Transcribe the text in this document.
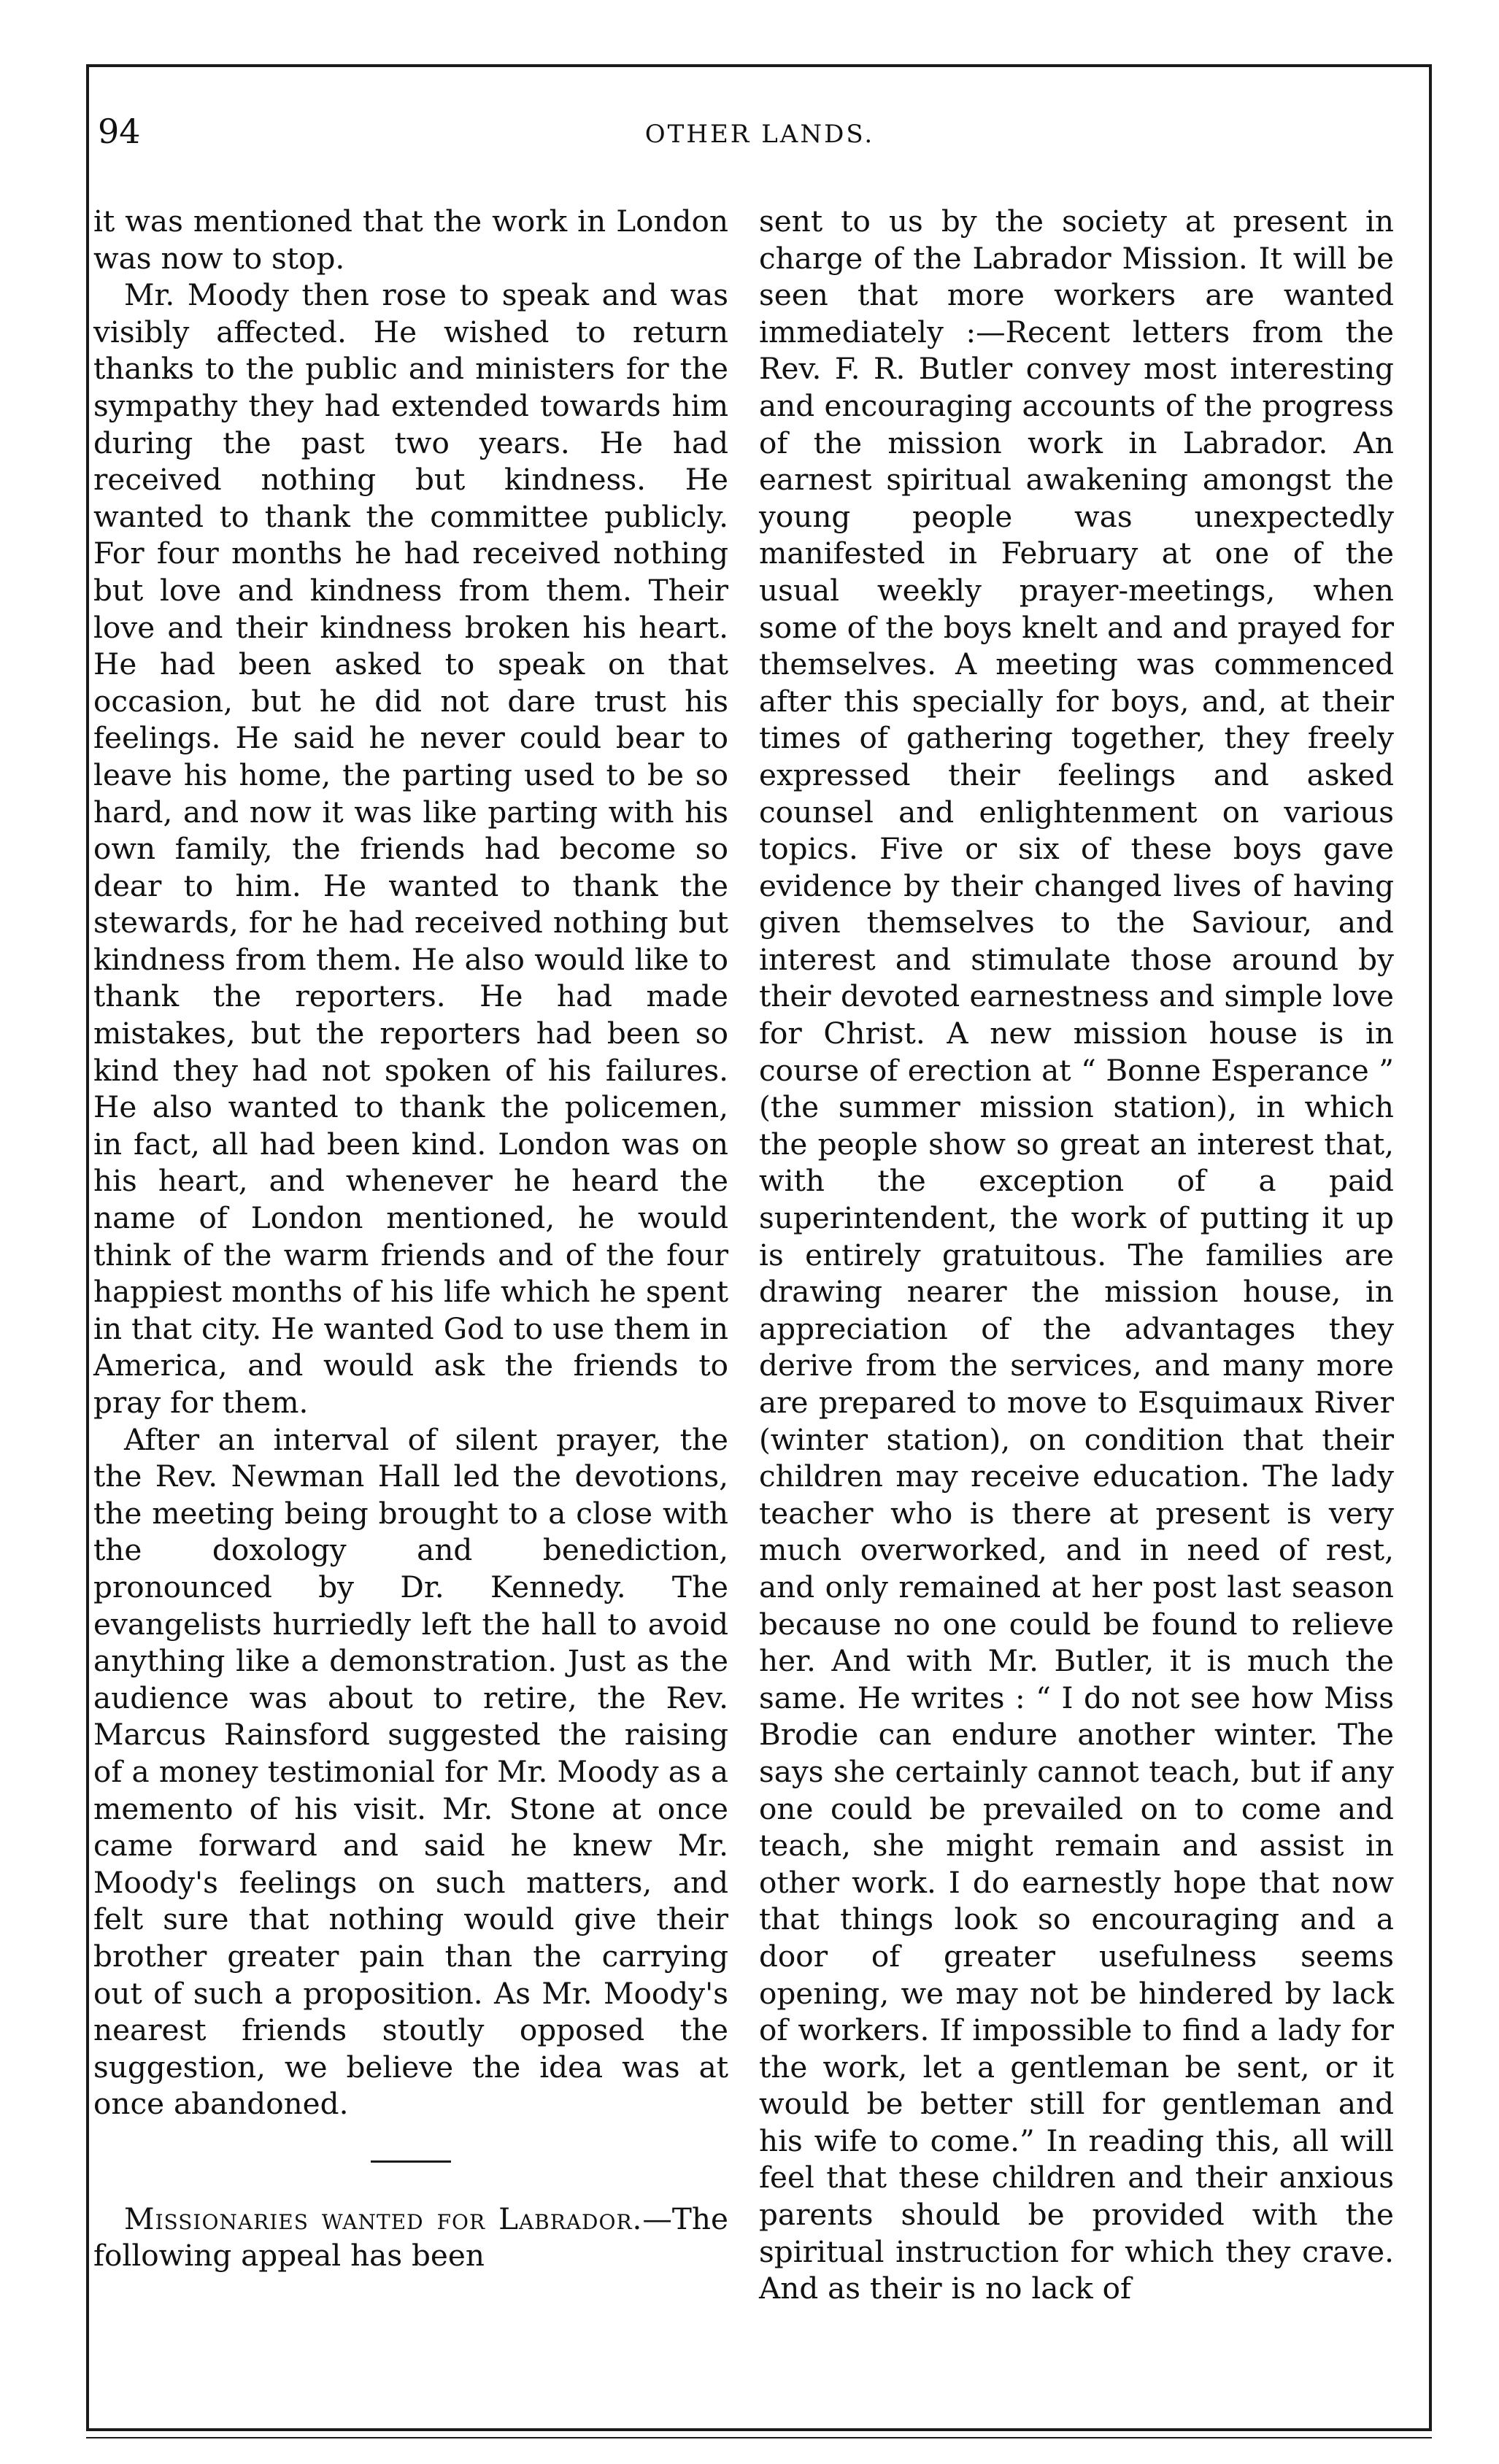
94	OTHER LANDS.

it was mentioned that the work in London was now to stop.

Mr. Moody then rose to speak and was visibly affected. He wished to return thanks to the public and ministers for the sympathy they had extended towards him during the past two years. He had received nothing but kindness. He wanted to thank the committee publicly. For four months he had received nothing but love and kindness from them. Their love and their kindness broken his heart. He had been asked to speak on that occasion, but he did not dare trust his feelings. He said he never could bear to leave his home, the parting used to be so hard, and now it was like parting with his own family, the friends had become so dear to him. He wanted to thank the stewards, for he had received nothing but kindness from them. He also would like to thank the reporters. He had made mistakes, but the reporters had been so kind they had not spoken of his failures. He also wanted to thank the policemen, in fact, all had been kind. London was on his heart, and whenever he heard the name of London mentioned, he would think of the warm friends and of the four happiest months of his life which he spent in that city. He wanted God to use them in America, and would ask the friends to pray for them.

After an interval of silent prayer, the the Rev. Newman Hall led the devotions, the meeting being brought to a close with the doxology and benediction, pronounced by Dr. Kennedy. The evangelists hurriedly left the hall to avoid anything like a demonstration. Just as the audience was about to retire, the Rev. Marcus Rainsford suggested the raising of a money testimonial for Mr. Moody as a memento of his visit. Mr. Stone at once came forward and said he knew Mr. Moody's feelings on such matters, and felt sure that nothing would give their brother greater pain than the carrying out of such a proposition. As Mr. Moody's nearest friends stoutly opposed the suggestion, we believe the idea was at once abandoned.

Missionaries wanted for Labrador.—The following appeal has been

sent to us by the society at present in charge of the Labrador Mission. It will be seen that more workers are wanted immediately :—Recent letters from the Rev. F. R. Butler convey most interesting and encouraging accounts of the progress of the mission work in Labrador. An earnest spiritual awakening amongst the young people was unexpectedly manifested in February at one of the usual weekly prayer-meetings, when some of the boys knelt and and prayed for themselves. A meeting was commenced after this specially for boys, and, at their times of gathering together, they freely expressed their feelings and asked counsel and enlightenment on various topics. Five or six of these boys gave evidence by their changed lives of having given themselves to the Saviour, and interest and stimulate those around by their devoted earnestness and simple love for Christ. A new mission house is in course of erection at “ Bonne Esperance ” (the summer mission station), in which the people show so great an interest that, with the exception of a paid superintendent, the work of putting it up is entirely gratuitous. The families are drawing nearer the mission house, in appreciation of the advantages they derive from the services, and many more are prepared to move to Esquimaux River (winter station), on condition that their children may receive education. The lady teacher who is there at present is very much overworked, and in need of rest, and only remained at her post last season because no one could be found to relieve her. And with Mr. Butler, it is much the same. He writes : “ I do not see how Miss Brodie can endure another winter. The says she certainly cannot teach, but if any one could be prevailed on to come and teach, she might remain and assist in other work. I do earnestly hope that now that things look so encouraging and a door of greater usefulness seems opening, we may not be hindered by lack of workers. If impossible to find a lady for the work, let a gentleman be sent, or it would be better still for gentleman and his wife to come.” In reading this, all will feel that these children and their anxious parents should be provided with the spiritual instruction for which they crave. And as their is no lack of
